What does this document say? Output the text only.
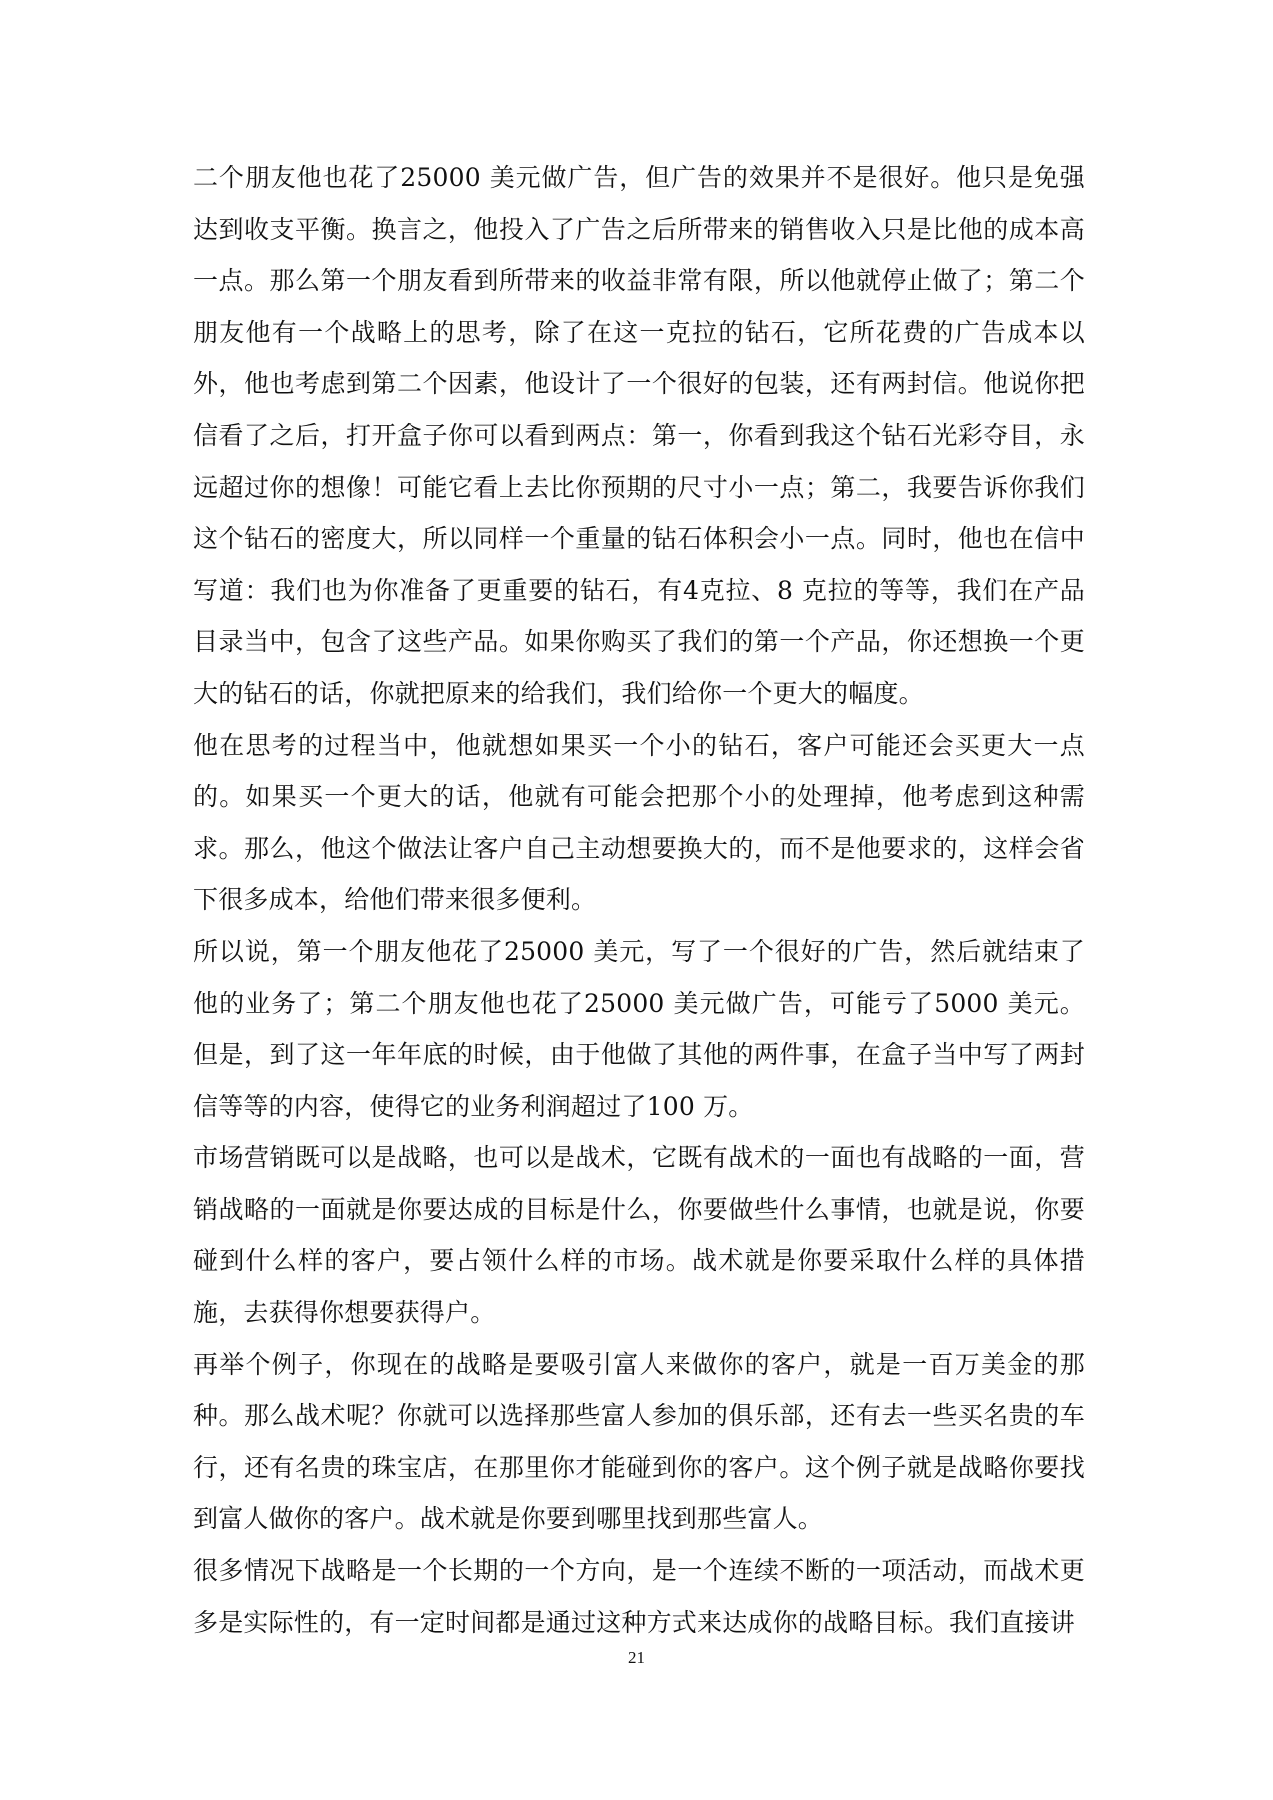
二个朋友他也花了25000 美元做广告，但广告的效果并不是很好。他只是免强达到收支平衡。换言之，他投入了广告之后所带来的销售收入只是比他的成本高一点。那么第一个朋友看到所带来的收益非常有限，所以他就停止做了；第二个朋友他有一个战略上的思考，除了在这一克拉的钻石，它所花费的广告成本以外，他也考虑到第二个因素，他设计了一个很好的包装，还有两封信。他说你把信看了之后，打开盒子你可以看到两点：第一，你看到我这个钻石光彩夺目，永远超过你的想像！可能它看上去比你预期的尺寸小一点；第二，我要告诉你我们这个钻石的密度大，所以同样一个重量的钻石体积会小一点。同时，他也在信中写道：我们也为你准备了更重要的钻石，有4克拉、8 克拉的等等，我们在产品目录当中，包含了这些产品。如果你购买了我们的第一个产品，你还想换一个更大的钻石的话，你就把原来的给我们，我们给你一个更大的幅度。

他在思考的过程当中，他就想如果买一个小的钻石，客户可能还会买更大一点的。如果买一个更大的话，他就有可能会把那个小的处理掉，他考虑到这种需求。那么，他这个做法让客户自己主动想要换大的，而不是他要求的，这样会省下很多成本，给他们带来很多便利。

所以说，第一个朋友他花了25000 美元，写了一个很好的广告，然后就结束了他的业务了；第二个朋友他也花了25000 美元做广告，可能亏了5000 美元。但是，到了这一年年底的时候，由于他做了其他的两件事，在盒子当中写了两封信等等的内容，使得它的业务利润超过了100 万。

市场营销既可以是战略，也可以是战术，它既有战术的一面也有战略的一面，营销战略的一面就是你要达成的目标是什么，你要做些什么事情，也就是说，你要碰到什么样的客户，要占领什么样的市场。战术就是你要采取什么样的具体措施，去获得你想要获得户。

再举个例子，你现在的战略是要吸引富人来做你的客户，就是一百万美金的那种。那么战术呢？你就可以选择那些富人参加的俱乐部，还有去一些买名贵的车行，还有名贵的珠宝店，在那里你才能碰到你的客户。这个例子就是战略你要找到富人做你的客户。战术就是你要到哪里找到那些富人。

很多情况下战略是一个长期的一个方向，是一个连续不断的一项活动，而战术更多是实际性的，有一定时间都是通过这种方式来达成你的战略目标。我们直接讲

21
